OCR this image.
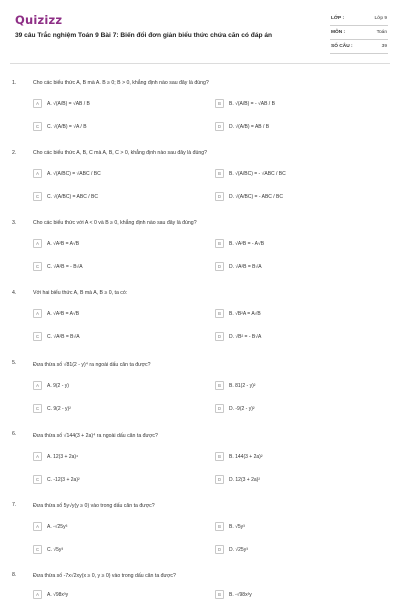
Quizizz
39 câu Trắc nghiệm Toán 9 Bài 7: Biến đổi đơn giản biểu thức chứa căn có đáp án
LỚP :	Lớp 9
MÔN :	Toán
SỐ CÂU :	39
1.	Cho các biểu thức A, B mà A. B ≥ 0; B > 0, khẳng định nào sau đây là đúng?
A	A. √(A/B) = √AB / B	B	B. √(A/B) = - √AB / B
C	C. √(A/B) = √A / B	D	D. √(A/B) = AB / B
2.	Cho các biểu thức A, B, C mà A, B, C > 0, khẳng định nào sau đây là đúng?
A	A. √(A/BC) = √ABC / BC	B	B. √(A/BC) = - √ABC / BC
C	C. √(A/BC) = ABC / BC	D	D. √(A/BC) = - ABC / BC
3.	Cho các biểu thức với A < 0 và B ≥ 0, khẳng định nào sau đây là đúng?
A	A. √A²B = A√B	B	B. √A²B = - A√B
C	C. √A²B = - B√A	D	D. √A²B = B√A
4.	Với hai biểu thức A, B mà A, B ≥ 0, ta có:
A	A. √A²B = A√B	B	B. √B²A = A√B
C	C. √A²B = B√A	D	D. √B² = - B√A
5.	Đưa thừa số √81(2 - y)⁴ ra ngoài dấu căn ta được?
A	A. 9(2 - y)	B	B. 81(2 - y)²
C	C. 9(2 - y)²	D	D. -9(2 - y)²
6.	Đưa thừa số √144(3 + 2a)⁴ ra ngoài dấu căn ta được?
A	A. 12(3 + 2a)⁴	B	B. 144(3 + 2a)²
C	C. -12(3 + 2a)²	D	D. 12(3 + 2a)²
7.	Đưa thừa số 5y√y(y ≥ 0) vào trong dấu căn ta được?
A	A. -√25y³	B	B. √5y³
C	C. √5y³	D	D. √25y³
8.	Đưa thừa số -7x√2xy(x ≥ 0, y ≥ 0) vào trong dấu căn ta được?
A	A. √98x³y	B	B. -√98x³y
